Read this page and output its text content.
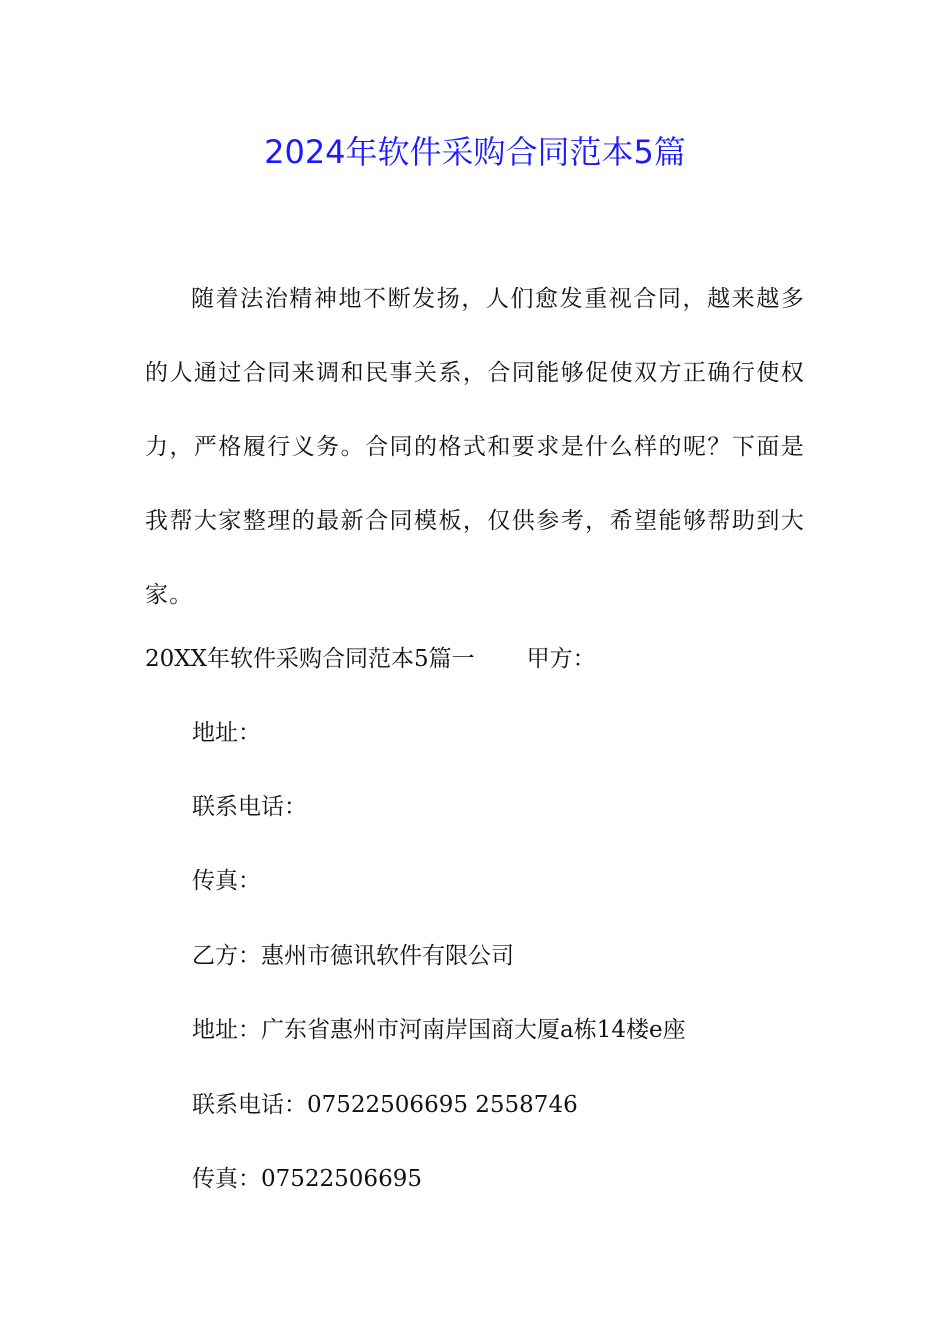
2024年软件采购合同范本5篇

随着法治精神地不断发扬，人们愈发重视合同，越来越多的人通过合同来调和民事关系，合同能够促使双方正确行使权力，严格履行义务。合同的格式和要求是什么样的呢？下面是我帮大家整理的最新合同模板，仅供参考，希望能够帮助到大家。

20XX年软件采购合同范本5篇一 甲方：
地址：
联系电话：
传真：
乙方：惠州市德讯软件有限公司
地址：广东省惠州市河南岸国商大厦a栋14楼e座
联系电话：07522506695 2558746
传真：07522506695
